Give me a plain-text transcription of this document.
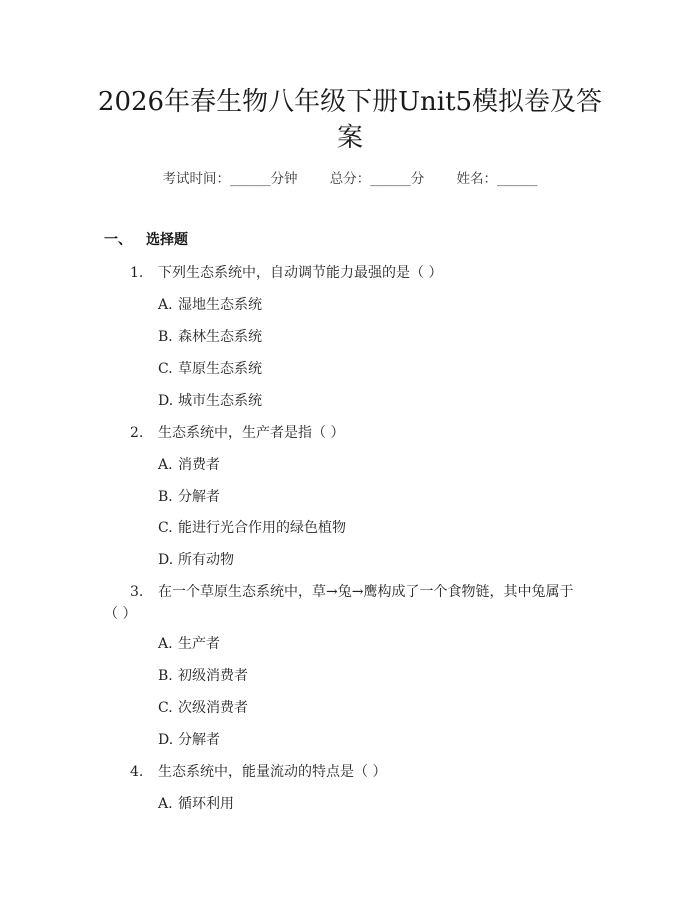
2026年春生物八年级下册Unit5模拟卷及答
案
考试时间：______分钟 总分：______分 姓名：______
一、 选择题
1. 下列生态系统中，自动调节能力最强的是（ ）
A. 湿地生态系统
B. 森林生态系统
C. 草原生态系统
D. 城市生态系统
2. 生态系统中，生产者是指（ ）
A. 消费者
B. 分解者
C. 能进行光合作用的绿色植物
D. 所有动物
3. 在一个草原生态系统中，草→兔→鹰构成了一个食物链，其中兔属于
（ ）
A. 生产者
B. 初级消费者
C. 次级消费者
D. 分解者
4. 生态系统中，能量流动的特点是（ ）
A. 循环利用
